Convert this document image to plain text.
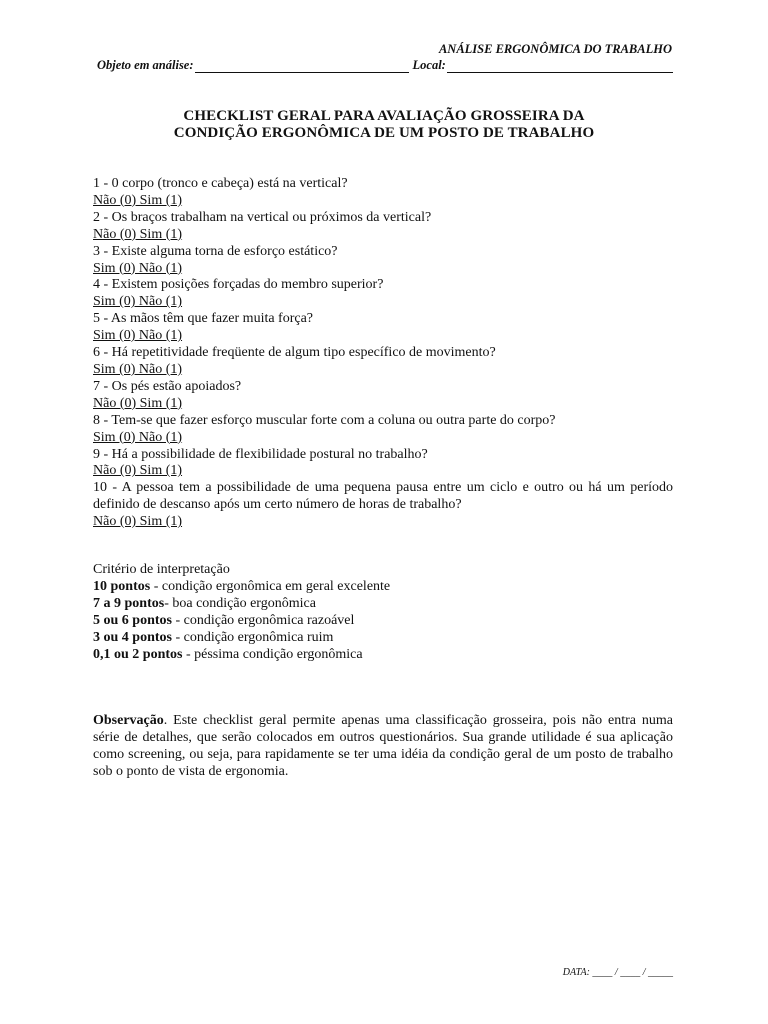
ANÁLISE ERGONÔMICA DO TRABALHO
Objeto em análise:	Local:
CHECKLIST GERAL PARA AVALIAÇÃO GROSSEIRA DA
CONDIÇÃO ERGONÔMICA DE UM POSTO DE TRABALHO
1 - 0 corpo (tronco e cabeça) está na vertical?
Não (0) Sim (1)
2 - Os braços trabalham na vertical ou próximos da vertical?
Não (0) Sim (1)
3 - Existe alguma torna de esforço estático?
Sim (0) Não (1)
4 - Existem posições forçadas do membro superior?
Sim (0) Não (1)
5 - As mãos têm que fazer muita força?
Sim (0) Não (1)
6 - Há repetitividade freqüente de algum tipo específico de movimento?
Sim (0) Não (1)
7 - Os pés estão apoiados?
Não (0) Sim (1)
8 - Tem-se que fazer esforço muscular forte com a coluna ou outra parte do corpo?
Sim (0) Não (1)
9 - Há a possibilidade de flexibilidade postural no trabalho?
Não (0) Sim (1)
10 - A pessoa tem a possibilidade de uma pequena pausa entre um ciclo e outro ou há um período definido de descanso após um certo número de horas de trabalho?
Não (0) Sim (1)
Critério de interpretação
10 pontos - condição ergonômica em geral excelente
7 a 9 pontos- boa condição ergonômica
5 ou 6 pontos - condição ergonômica razoável
3 ou 4 pontos - condição ergonômica ruim
0,1 ou 2 pontos - péssima condição ergonômica
Observação. Este checklist geral permite apenas uma classificação grosseira, pois não entra numa série de detalhes, que serão colocados em outros questionários. Sua grande utilidade é sua aplicação como screening, ou seja, para rapidamente se ter uma idéia da condição geral de um posto de trabalho sob o ponto de vista de ergonomia.
DATA: ____ / ____ / _____
